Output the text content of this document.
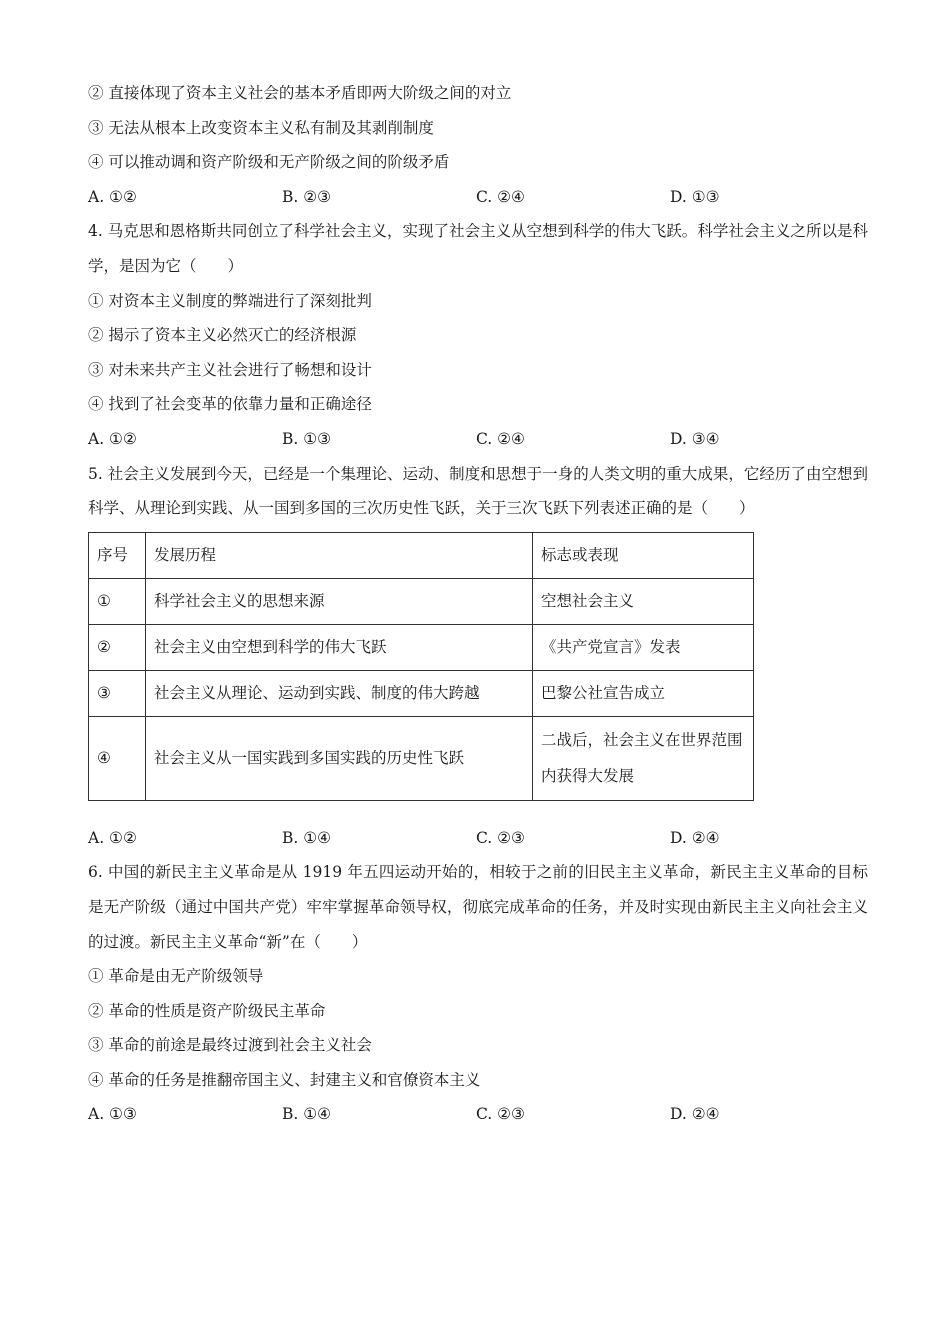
② 直接体现了资本主义社会的基本矛盾即两大阶级之间的对立
③ 无法从根本上改变资本主义私有制及其剥削制度
④ 可以推动调和资产阶级和无产阶级之间的阶级矛盾
A. ①②	B. ②③	C. ②④	D. ①③
4. 马克思和恩格斯共同创立了科学社会主义，实现了社会主义从空想到科学的伟大飞跃。科学社会主义之所以是科学，是因为它（　　）
① 对资本主义制度的弊端进行了深刻批判
② 揭示了资本主义必然灭亡的经济根源
③ 对未来共产主义社会进行了畅想和设计
④ 找到了社会变革的依靠力量和正确途径
A. ①②	B. ①③	C. ②④	D. ③④
5. 社会主义发展到今天，已经是一个集理论、运动、制度和思想于一身的人类文明的重大成果，它经历了由空想到科学、从理论到实践、从一国到多国的三次历史性飞跃，关于三次飞跃下列表述正确的是（　　）
序号	发展历程	标志或表现
①	科学社会主义的思想来源	空想社会主义
②	社会主义由空想到科学的伟大飞跃	《共产党宣言》发表
③	社会主义从理论、运动到实践、制度的伟大跨越	巴黎公社宣告成立
④	社会主义从一国实践到多国实践的历史性飞跃	二战后，社会主义在世界范围内获得大发展
A. ①②	B. ①④	C. ②③	D. ②④
6. 中国的新民主主义革命是从 1919 年五四运动开始的，相较于之前的旧民主主义革命，新民主主义革命的目标是无产阶级（通过中国共产党）牢牢掌握革命领导权，彻底完成革命的任务，并及时实现由新民主主义向社会主义的过渡。新民主主义革命“新”在（　　）
① 革命是由无产阶级领导
② 革命的性质是资产阶级民主革命
③ 革命的前途是最终过渡到社会主义社会
④ 革命的任务是推翻帝国主义、封建主义和官僚资本主义
A. ①③	B. ①④	C. ②③	D. ②④
